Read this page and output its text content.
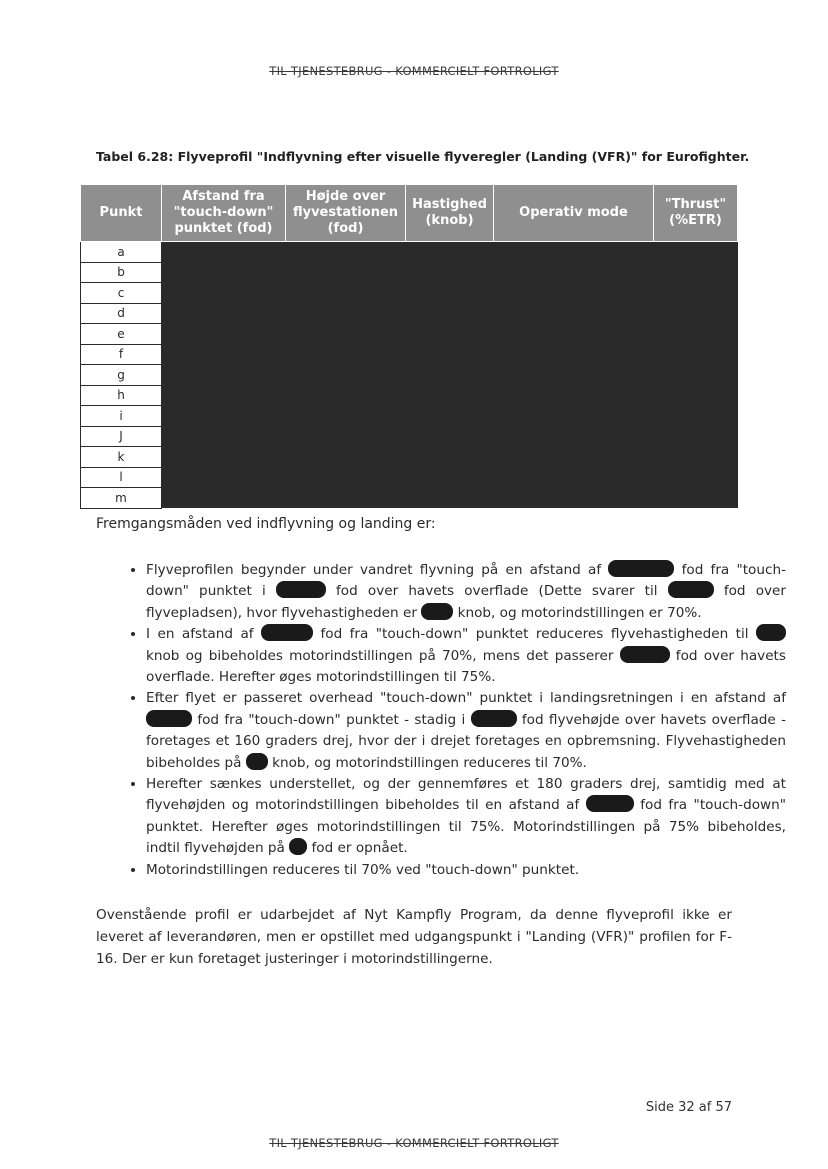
TIL TJENESTEBRUG - KOMMERCIELT FORTROLIGT
Tabel 6.28: Flyveprofil "Indflyvning efter visuelle flyveregler (Landing (VFR)" for Eurofighter.
Punkt	Afstand fra "touch-down" punktet (fod)	Højde over flyvestationen (fod)	Hastighed (knob)	Operativ mode	"Thrust" (%ETR)
a					
b					
c					
d					
e					
f					
g					
h					
i					
J					
k					
l					
m					
Fremgangsmåden ved indflyvning og landing er:
• Flyveprofilen begynder under vandret flyvning på en afstand af	fod fra "touch-down" punktet i	fod over havets overflade (Dette svarer til	fod over flyvepladsen), hvor flyvehastigheden er	knob, og motorindstillingen er 70%.
• I en afstand af	fod fra "touch-down" punktet reduceres flyvehastigheden til  knob og bibeholdes motorindstillingen på 70%, mens det passerer	fod over havets overflade. Herefter øges motorindstillingen til 75%.
• Efter flyet er passeret overhead "touch-down" punktet i landingsretningen i en afstand af  fod fra "touch-down" punktet - stadig i	fod flyvehøjde over havets overflade - foretages et 160 graders drej, hvor der i drejet foretages en opbremsning. Flyvehastigheden bibeholdes på knob, og motorindstillingen reduceres til 70%.
• Herefter sænkes understellet, og der gennemføres et 180 graders drej, samtidig med at flyvehøjden og motorindstillingen bibeholdes til en afstand af	fod fra "touch-down" punktet. Herefter øges motorindstillingen til 75%. Motorindstillingen på 75% bibeholdes, indtil flyvehøjden på fod er opnået.
• Motorindstillingen reduceres til 70% ved "touch-down" punktet.
Ovenstående profil er udarbejdet af Nyt Kampfly Program, da denne flyveprofil ikke er leveret af leverandøren, men er opstillet med udgangspunkt i "Landing (VFR)" profilen for F-16. Der er kun foretaget justeringer i motorindstillingerne.
Side 32 af 57
TIL TJENESTEBRUG - KOMMERCIELT FORTROLIGT
